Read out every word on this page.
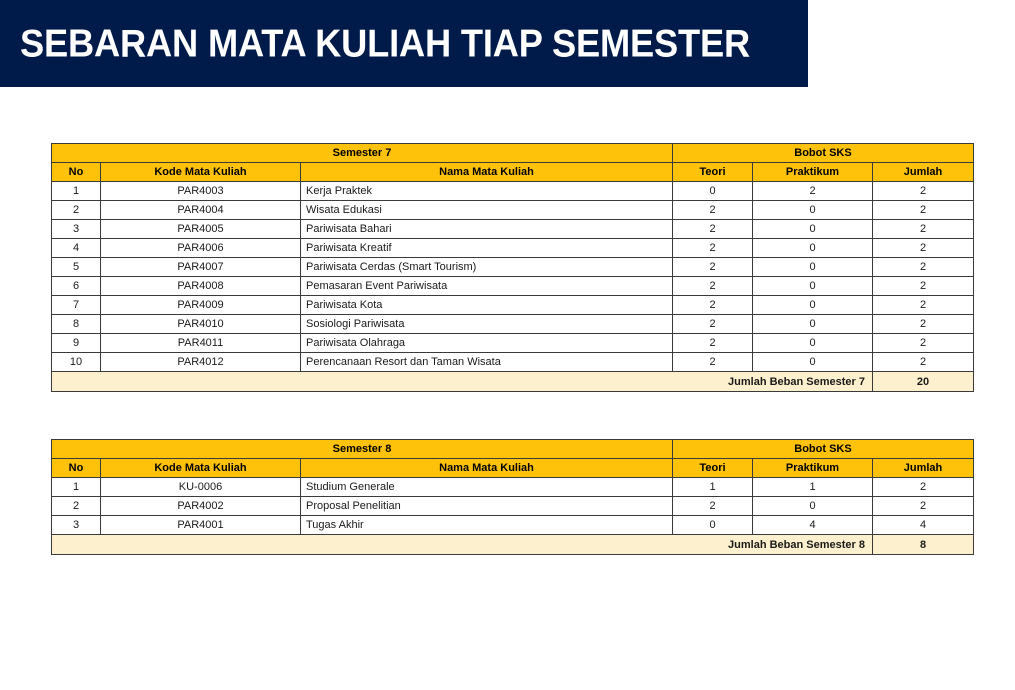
SEBARAN MATA KULIAH TIAP SEMESTER
Semester 7			Bobot SKS		
No	Kode Mata Kuliah	Nama Mata Kuliah	Teori	Praktikum	Jumlah
1	PAR4003	Kerja Praktek	0	2	2
2	PAR4004	Wisata Edukasi	2	0	2
3	PAR4005	Pariwisata Bahari	2	0	2
4	PAR4006	Pariwisata Kreatif	2	0	2
5	PAR4007	Pariwisata Cerdas (Smart Tourism)	2	0	2
6	PAR4008	Pemasaran Event Pariwisata	2	0	2
7	PAR4009	Pariwisata Kota	2	0	2
8	PAR4010	Sosiologi Pariwisata	2	0	2
9	PAR4011	Pariwisata Olahraga	2	0	2
10	PAR4012	Perencanaan Resort dan Taman Wisata	2	0	2
Jumlah Beban Semester 7					20
Semester 8			Bobot SKS		
No	Kode Mata Kuliah	Nama Mata Kuliah	Teori	Praktikum	Jumlah
1	KU-0006	Studium Generale	1	1	2
2	PAR4002	Proposal Penelitian	2	0	2
3	PAR4001	Tugas Akhir	0	4	4
Jumlah Beban Semester 8					8
